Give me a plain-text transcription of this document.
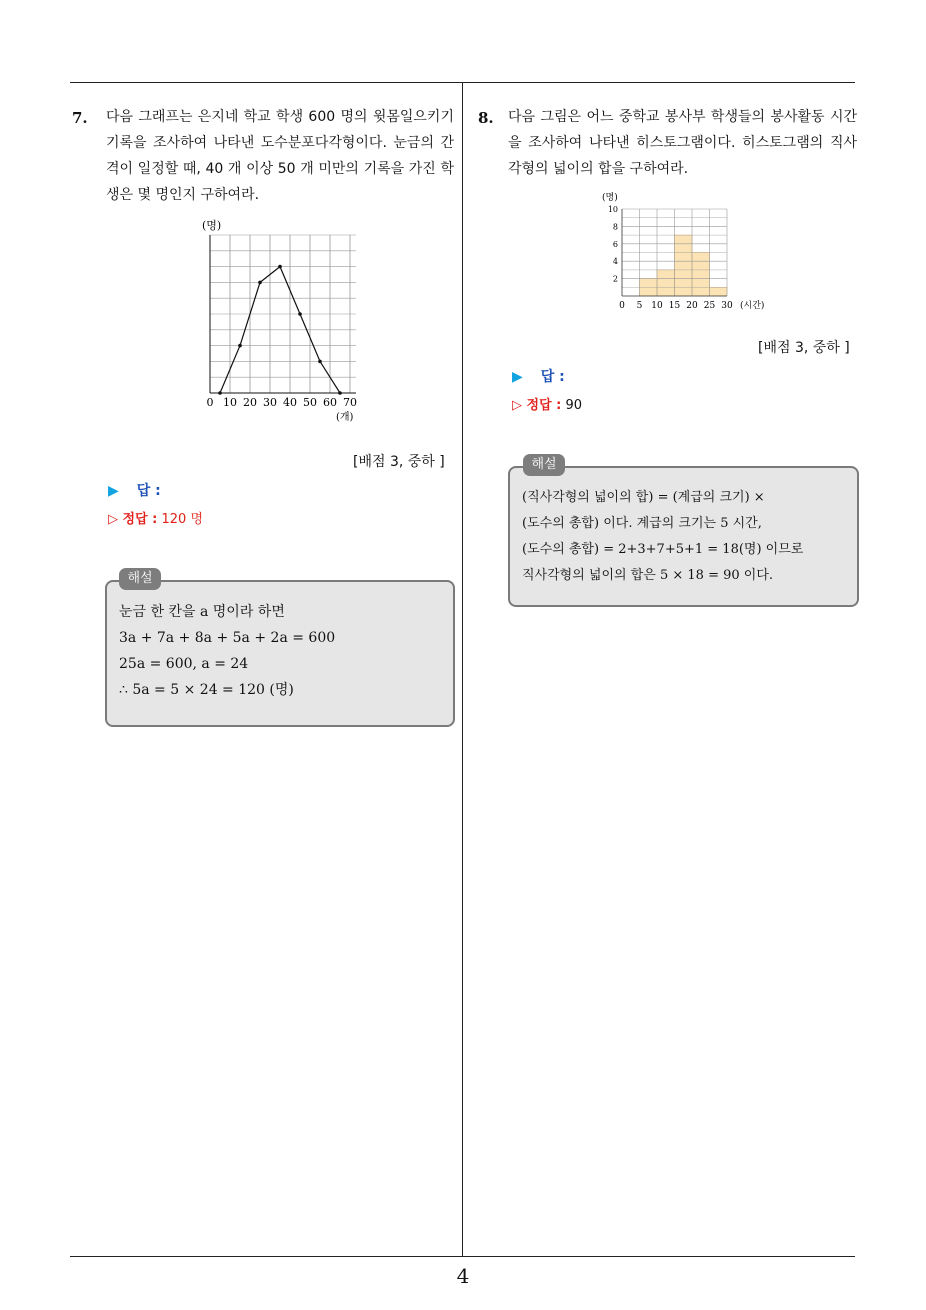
7. 다음 그래프는 은지네 학교 학생 600 명의 윗몸일으키기 기록을 조사하여 나타낸 도수분포다각형이다. 눈금의 간격이 일정할 때, 40 개 이상 50 개 미만의 기록을 가진 학생은 몇 명인지 구하여라.
(명)
0 10 20 30 40 50 60 70
(개)
[배점 3, 중하 ]
▶ 답 :
▷ 정답 : 120 명
눈금 한 칸을 a 명이라 하면
3a + 7a + 8a + 5a + 2a = 600
25a = 600, a = 24
∴ 5a = 5 × 24 = 120 (명)
해설
8. 다음 그림은 어느 중학교 봉사부 학생들의 봉사활동 시간을 조사하여 나타낸 히스토그램이다. 히스토그램의 직사각형의 넓이의 합을 구하여라.
(명)
2
4
6
8
10
0 5 10 15 20 25 30 (시간)
[배점 3, 중하 ]
▶ 답 :
▷ 정답 : 90
(직사각형의 넓이의 합) = (계급의 크기) ×
(도수의 총합) 이다. 계급의 크기는 5 시간,
(도수의 총합) = 2+3+7+5+1 = 18(명) 이므로
직사각형의 넓이의 합은 5 × 18 = 90 이다.
해설
4
